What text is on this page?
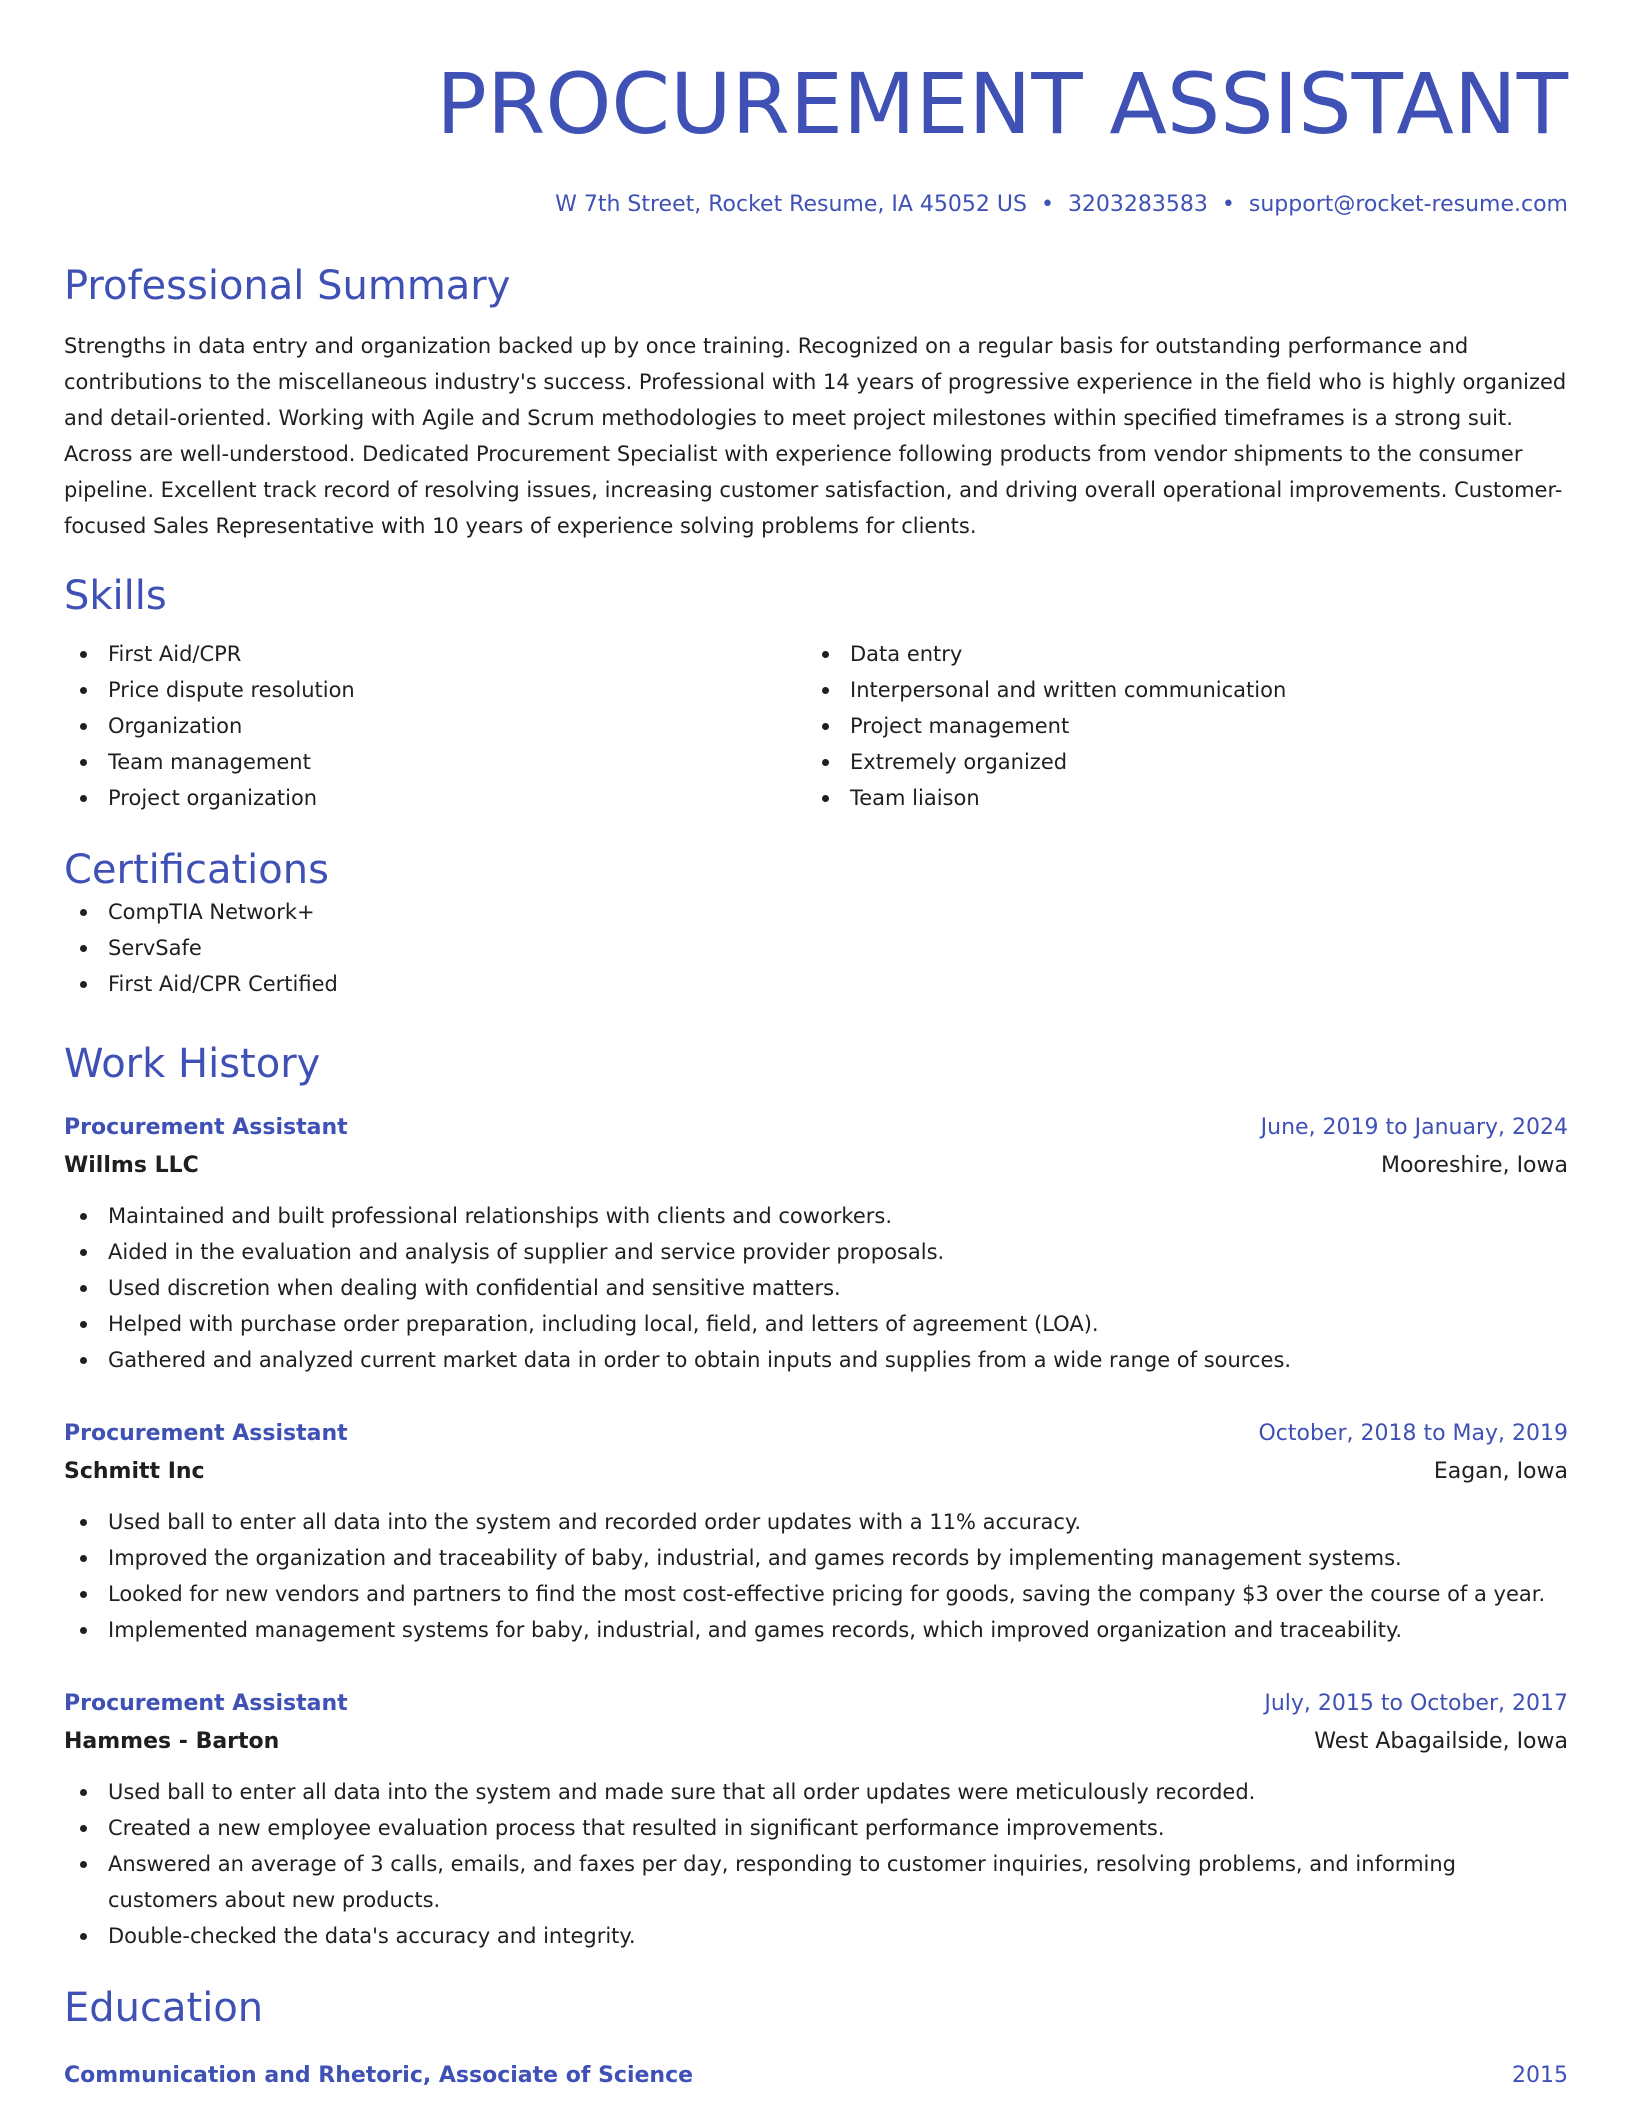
PROCUREMENT ASSISTANT
W 7th Street, Rocket Resume, IA 45052 US • 3203283583 • support@rocket-resume.com
Professional Summary

Strengths in data entry and organization backed up by once training. Recognized on a regular basis for outstanding performance and contributions to the miscellaneous industry's success. Professional with 14 years of progressive experience in the field who is highly organized and detail-oriented. Working with Agile and Scrum methodologies to meet project milestones within specified timeframes is a strong suit. Across are well-understood. Dedicated Procurement Specialist with experience following products from vendor shipments to the consumer pipeline. Excellent track record of resolving issues, increasing customer satisfaction, and driving overall operational improvements. Customer-focused Sales Representative with 10 years of experience solving problems for clients.

Skills
First Aid/CPR
Price dispute resolution
Organization
Team management
Project organization
Data entry
Interpersonal and written communication
Project management
Extremely organized
Team liaison
Certifications
CompTIA Network+
ServSafe
First Aid/CPR Certified
Work History
Procurement Assistant	June, 2019 to January, 2024
Willms LLC	Mooreshire, Iowa
Maintained and built professional relationships with clients and coworkers.
Aided in the evaluation and analysis of supplier and service provider proposals.
Used discretion when dealing with confidential and sensitive matters.
Helped with purchase order preparation, including local, field, and letters of agreement (LOA).
Gathered and analyzed current market data in order to obtain inputs and supplies from a wide range of sources.
Procurement Assistant	October, 2018 to May, 2019
Schmitt Inc	Eagan, Iowa
Used ball to enter all data into the system and recorded order updates with a 11% accuracy.
Improved the organization and traceability of baby, industrial, and games records by implementing management systems.
Looked for new vendors and partners to find the most cost-effective pricing for goods, saving the company $3 over the course of a year.
Implemented management systems for baby, industrial, and games records, which improved organization and traceability.
Procurement Assistant	July, 2015 to October, 2017
Hammes - Barton	West Abagailside, Iowa
Used ball to enter all data into the system and made sure that all order updates were meticulously recorded.
Created a new employee evaluation process that resulted in significant performance improvements.
Answered an average of 3 calls, emails, and faxes per day, responding to customer inquiries, resolving problems, and informing customers about new products.
Double-checked the data's accuracy and integrity.
Education
Communication and Rhetoric, Associate of Science	2015
